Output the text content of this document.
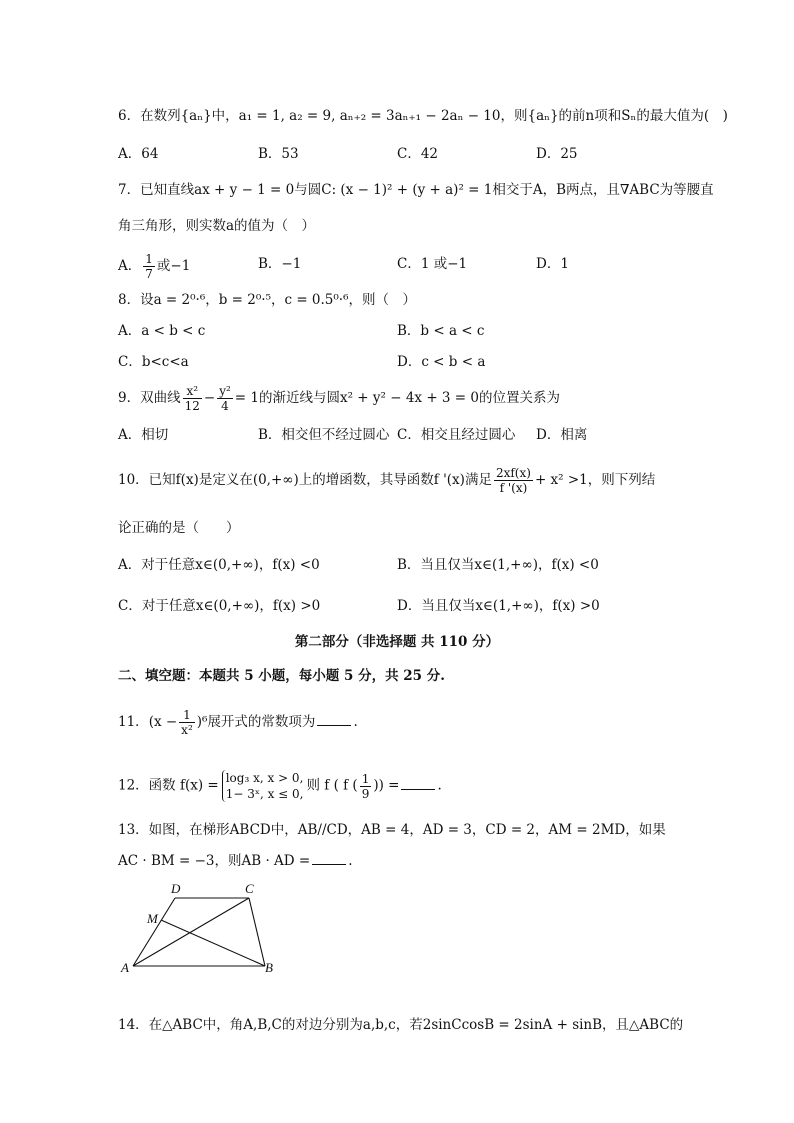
6．在数列{aₙ}中，a₁ = 1, a₂ = 9, aₙ₊₂ = 3aₙ₊₁ − 2aₙ − 10，则{aₙ}的前n项和Sₙ的最大值为(　)
A．64	B．53	C．42	D．25
7．已知直线ax + y − 1 = 0与圆C: (x − 1)² + (y + a)² = 1相交于A，B两点，且∇ABC为等腰直
角三角形，则实数a的值为（　）
A． $\frac{1}{7}$ 或−1	B．−1	C．1 或−1	D．1
8．设a = 2⁰·⁶，b = 2⁰·⁵，c = 0.5⁰·⁶，则（　）
A．a < b < c	B．b < a < c
C．b<c<a	D．c < b < a
9．双曲线 $\frac{\text{x²}}{12} - \frac{\text{y²}}{4} = 1$的渐近线与圆x² + y² − 4x + 3 = 0的位置关系为
A．相切	B．相交但不经过圆心 C．相交且经过圆心 D．相离
10．已知f(x)是定义在(0,+∞)上的增函数，其导函数f '(x)满足 $\frac{2xf(x)}{f '(x)} + x^2 >1$，则下列结
论正确的是（　　）
A．对于任意x∈(0,+∞)，f(x) <0	B．当且仅当x∈(1,+∞)，f(x) <0
C．对于任意x∈(0,+∞)，f(x) >0	D．当且仅当x∈(1,+∞)，f(x) >0
第二部分（非选择题 共 110 分）
二、填空题：本题共 5 小题，每小题 5 分，共 25 分.
11．$(x - \frac{1}{\text{x²}} )^6$展开式的常数项为	.
12．函数 f(x) = log₃ x, x > 0,
1− 3ˣ, x ≤ 0,
则 f ( f ( $\frac{1}{9}$ )) =	.
13．如图，在梯形ABCD中，AB//CD，AB = 4，AD = 3，CD = 2，AM = 2MD，如果
AC · BM = −3，则AB · AD =	.
D	C
M
A	B
14．在△ABC中，角A,B,C的对边分别为a,b,c，若2sinCcosB = 2sinA + sinB，且△ABC的
